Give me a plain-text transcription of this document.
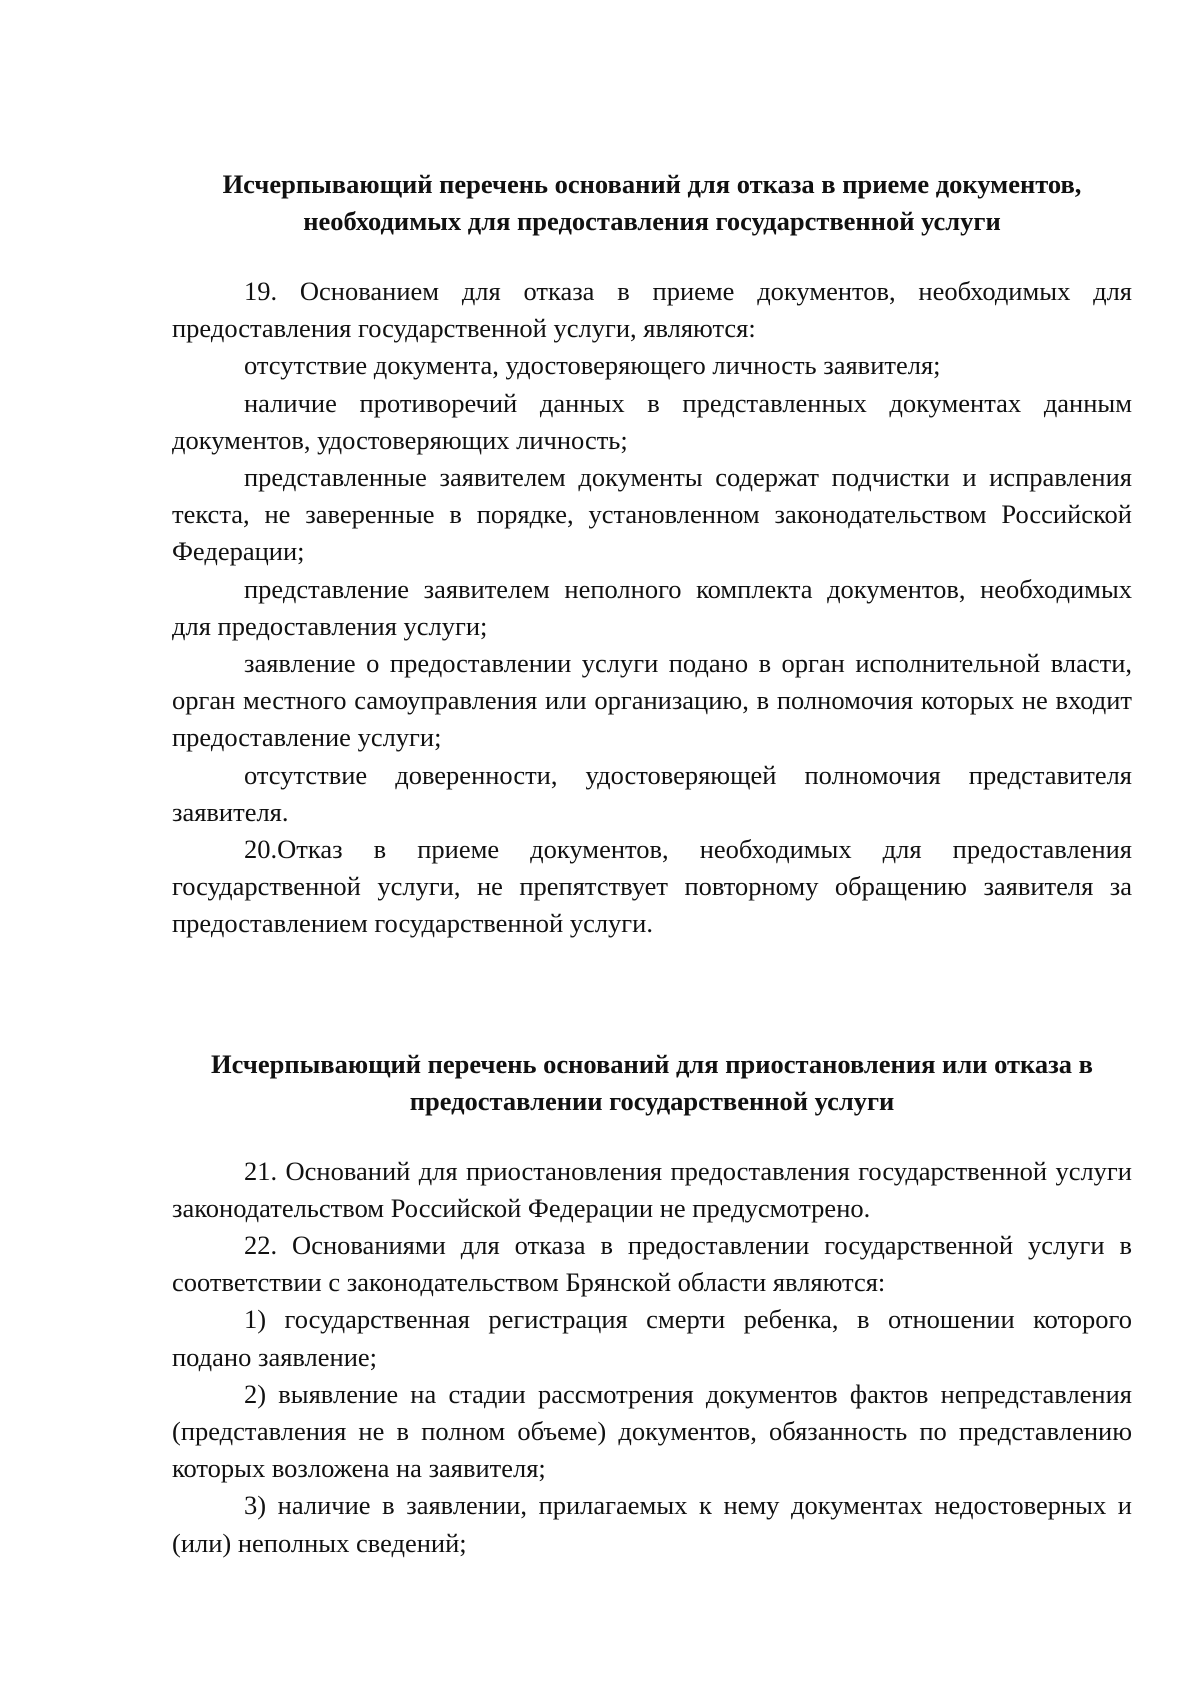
Исчерпывающий перечень оснований для отказа в приеме документов, необходимых для предоставления государственной услуги

19. Основанием для отказа в приеме документов, необходимых для предоставления государственной услуги, являются:

отсутствие документа, удостоверяющего личность заявителя;

наличие противоречий данных в представленных документах данным документов, удостоверяющих личность;

представленные заявителем документы содержат подчистки и исправления текста, не заверенные в порядке, установленном законодательством Российской Федерации;

представление заявителем неполного комплекта документов, необходимых для предоставления услуги;

заявление о предоставлении услуги подано в орган исполнительной власти, орган местного самоуправления или организацию, в полномочия которых не входит предоставление услуги;

отсутствие доверенности, удостоверяющей полномочия представителя заявителя.

20.Отказ в приеме документов, необходимых для предоставления государственной услуги, не препятствует повторному обращению заявителя за предоставлением государственной услуги.

Исчерпывающий перечень оснований для приостановления или отказа в предоставлении государственной услуги

21. Оснований для приостановления предоставления государственной услуги законодательством Российской Федерации не предусмотрено.

22. Основаниями для отказа в предоставлении государственной услуги в соответствии с законодательством Брянской области являются:

1) государственная регистрация смерти ребенка, в отношении которого подано заявление;

2) выявление на стадии рассмотрения документов фактов непредставления (представления не в полном объеме) документов, обязанность по представлению которых возложена на заявителя;

3) наличие в заявлении, прилагаемых к нему документах недостоверных и (или) неполных сведений;
